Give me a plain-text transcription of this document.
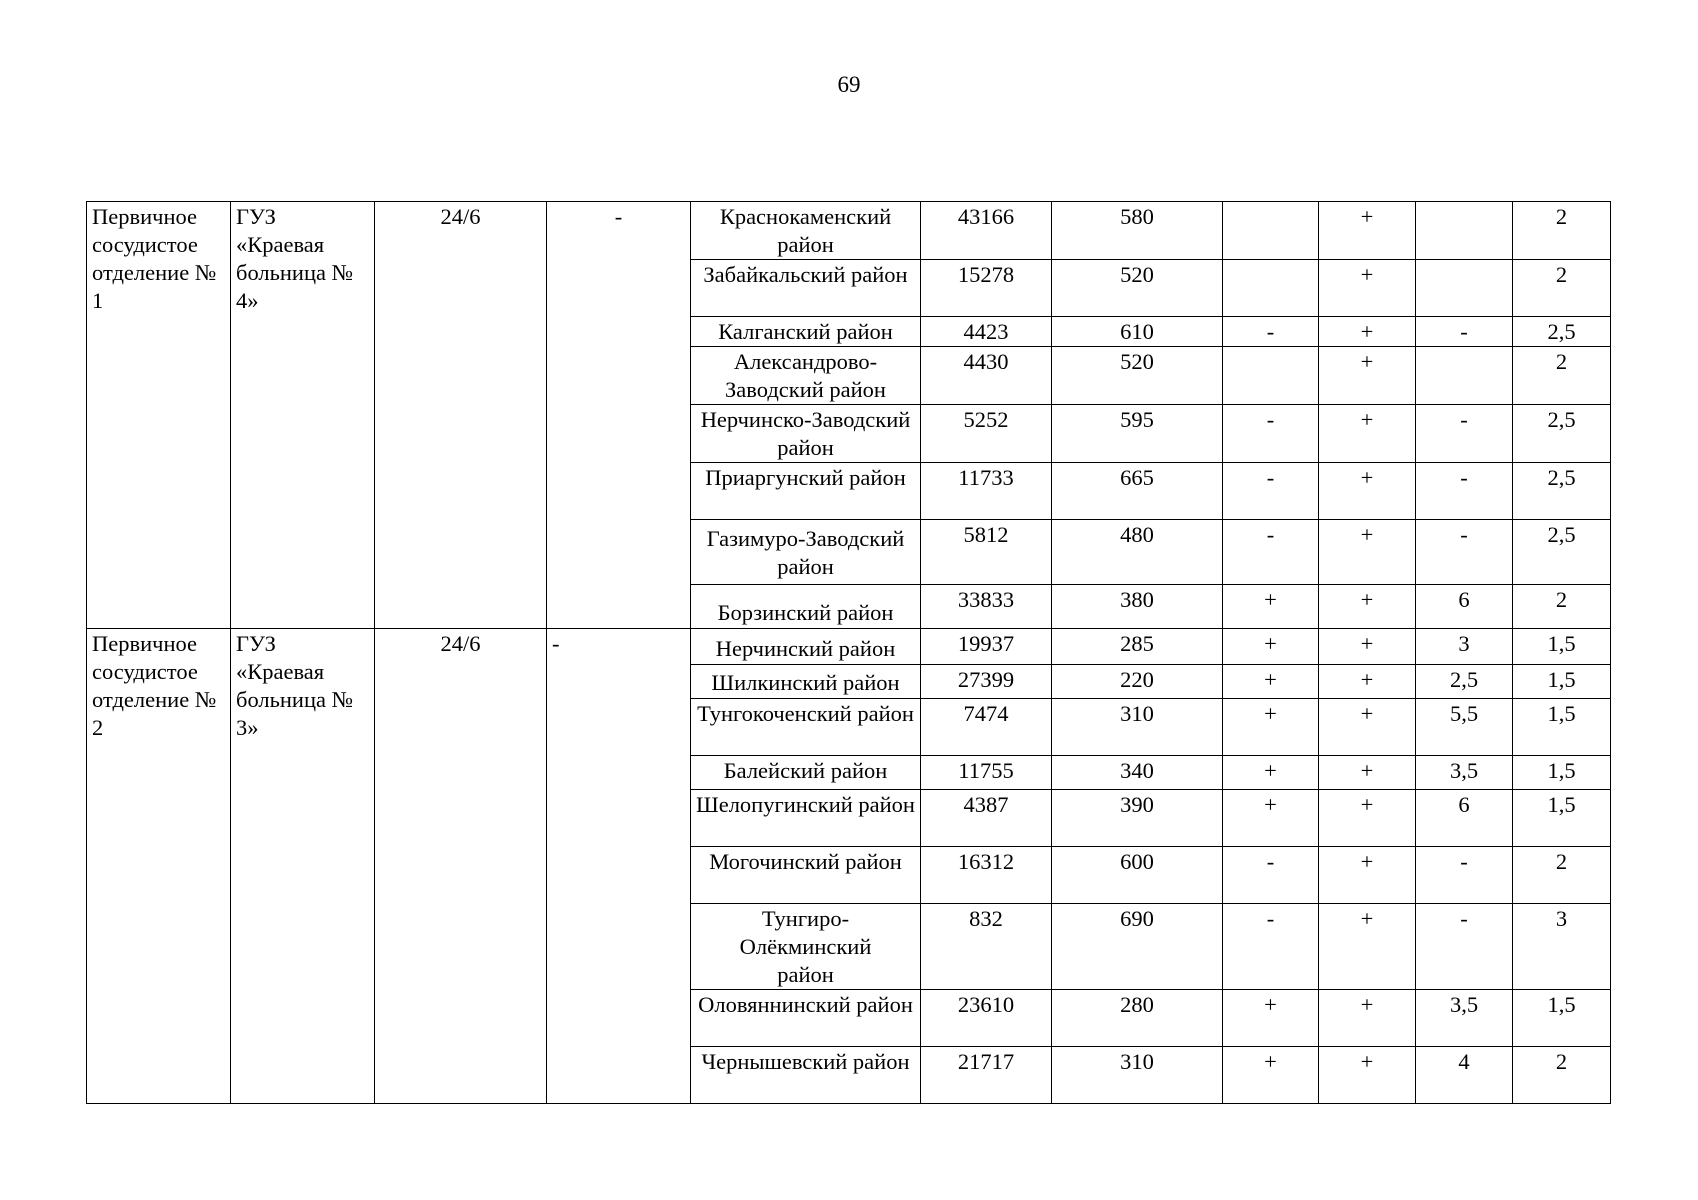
69
Первичное сосудистое отделение № 1	ГУЗ «Краевая больница № 4»	24/6	-	Краснокаменский район	43166	580		+		2
				Забайкальский район	15278	520		+		2
				Калганский район	4423	610	-	+	-	2,5
				Александрово-Заводский район	4430	520		+		2
				Нерчинско-Заводский район	5252	595	-	+	-	2,5
				Приаргунский район	11733	665	-	+	-	2,5
				Газимуро-Заводский район	5812	480	-	+	-	2,5
				Борзинский район	33833	380	+	+	6	2
Первичное сосудистое отделение № 2	ГУЗ «Краевая больница № 3»	24/6	-	Нерчинский район	19937	285	+	+	3	1,5
				Шилкинский район	27399	220	+	+	2,5	1,5
				Тунгокоченский район	7474	310	+	+	5,5	1,5
				Балейский район	11755	340	+	+	3,5	1,5
				Шелопугинский район	4387	390	+	+	6	1,5
				Могочинский район	16312	600	-	+	-	2
				Тунгиро-Олёкминский район	832	690	-	+	-	3
				Оловяннинский район	23610	280	+	+	3,5	1,5
				Чернышевский район	21717	310	+	+	4	2
